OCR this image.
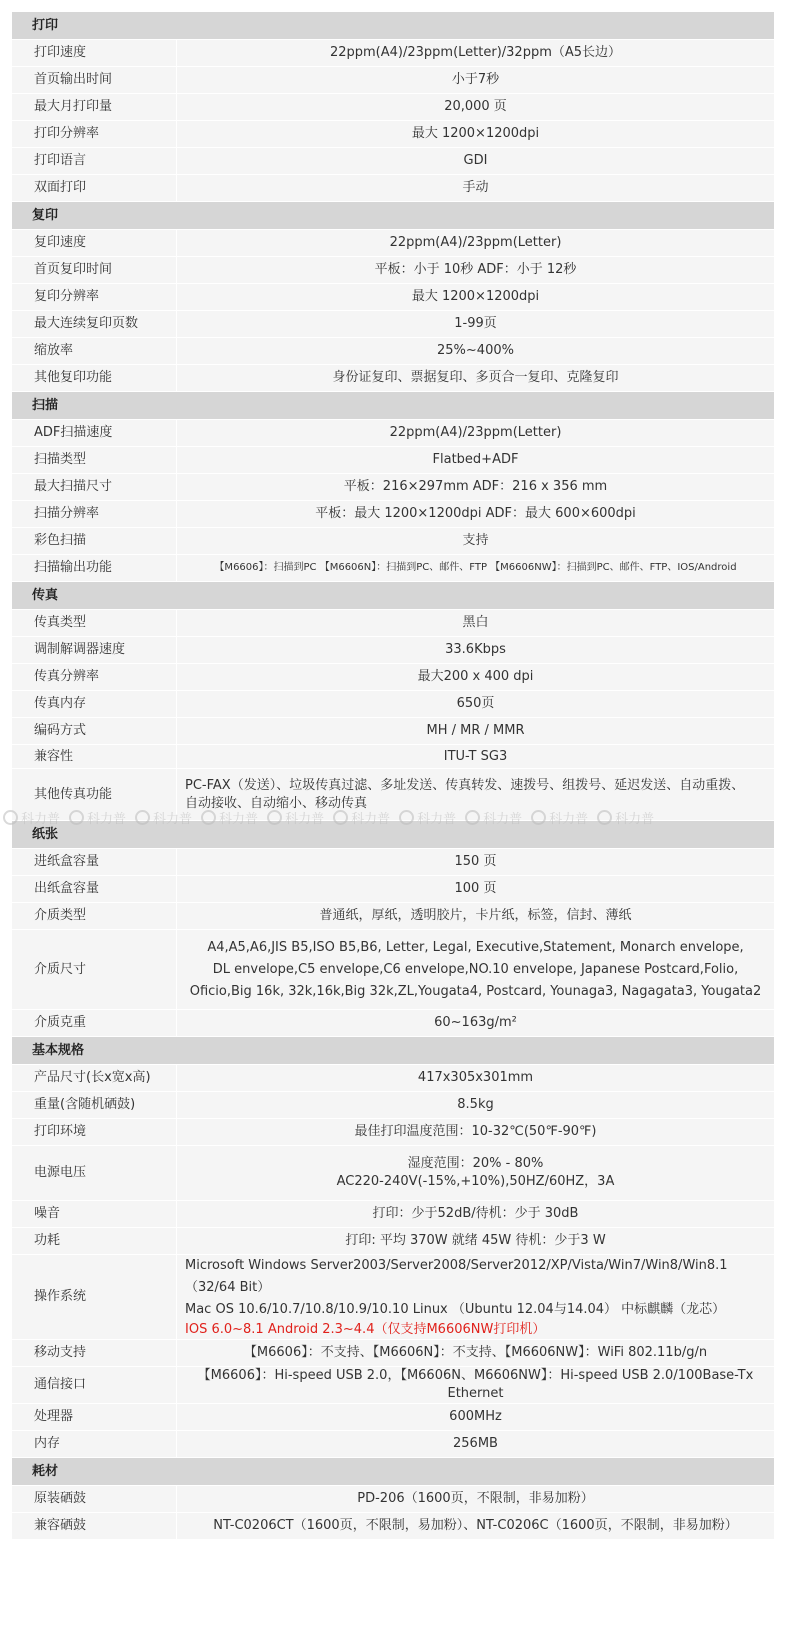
打印	
打印速度	22ppm(A4)/23ppm(Letter)/32ppm（A5长边）

首页输出时间	小于7秒

最大月打印量	20,000 页

打印分辨率	最大 1200×1200dpi

打印语言	GDI

双面打印	手动

复印	
复印速度	22ppm(A4)/23ppm(Letter)

首页复印时间	平板：小于 10秒 ADF：小于 12秒

复印分辨率	最大 1200×1200dpi

最大连续复印页数	1-99页

缩放率	25%~400%

其他复印功能	身份证复印、票据复印、多页合一复印、克隆复印

扫描	
ADF扫描速度	22ppm(A4)/23ppm(Letter)

扫描类型	Flatbed+ADF

最大扫描尺寸	平板：216×297mm ADF：216 x 356 mm

扫描分辨率	平板：最大 1200×1200dpi ADF：最大 600×600dpi

彩色扫描	支持

扫描输出功能	【M6606】：扫描到PC 【M6606N】：扫描到PC、邮件、FTP 【M6606NW】：扫描到PC、邮件、FTP、IOS/Android

传真	
传真类型	黑白

调制解调器速度	33.6Kbps

传真分辨率	最大200 x 400 dpi

传真内存	650页

编码方式	MH / MR / MMR

兼容性	ITU-T SG3

其他传真功能	PC-FAX（发送）、垃圾传真过滤、多址发送、传真转发、速拨号、组拨号、延迟发送、自动重拨、
自动接收、自动缩小、移动传真

纸张	
进纸盒容量	150 页

出纸盒容量	100 页

介质类型	普通纸，厚纸，透明胶片，卡片纸，标签，信封、薄纸

介质尺寸	A4,A5,A6,JIS B5,ISO B5,B6, Letter, Legal, Executive,Statement, Monarch envelope,
DL envelope,C5 envelope,C6 envelope,NO.10 envelope, Japanese Postcard,Folio,
Oficio,Big 16k, 32k,16k,Big 32k,ZL,Yougata4, Postcard, Younaga3, Nagagata3, Yougata2

介质克重	60~163g/m²

基本规格	
产品尺寸(长x宽x高)	417x305x301mm

重量(含随机硒鼓)	8.5kg

打印环境	最佳打印温度范围：10-32℃(50℉-90℉)

电源电压	湿度范围：20% - 80%
AC220-240V(-15%,+10%),50HZ/60HZ，3A

噪音	打印：少于52dB/待机：少于 30dB

功耗	打印: 平均 370W 就绪 45W 待机：少于3 W

操作系统	Microsoft Windows Server2003/Server2008/Server2012/XP/Vista/Win7/Win8/Win8.1（32/64 Bit）
Mac OS 10.6/10.7/10.8/10.9/10.10 Linux （Ubuntu 12.04与14.04） 中标麒麟（龙芯）
IOS 6.0~8.1 Android 2.3~4.4（仅支持M6606NW打印机）

移动支持	【M6606】：不支持、【M6606N】：不支持、【M6606NW】：WiFi 802.11b/g/n

通信接口	【M6606】：Hi-speed USB 2.0，【M6606N、M6606NW】：Hi-speed USB 2.0/100Base-Tx Ethernet

处理器	600MHz

内存	256MB

耗材	
原装硒鼓	PD-206（1600页，不限制，非易加粉）

兼容硒鼓	NT-C0206CT（1600页，不限制，易加粉）、NT-C0206C（1600页，不限制，非易加粉）
科力普 科力普 科力普 科力普 科力普 科力普 科力普 科力普 科力普 科力普
